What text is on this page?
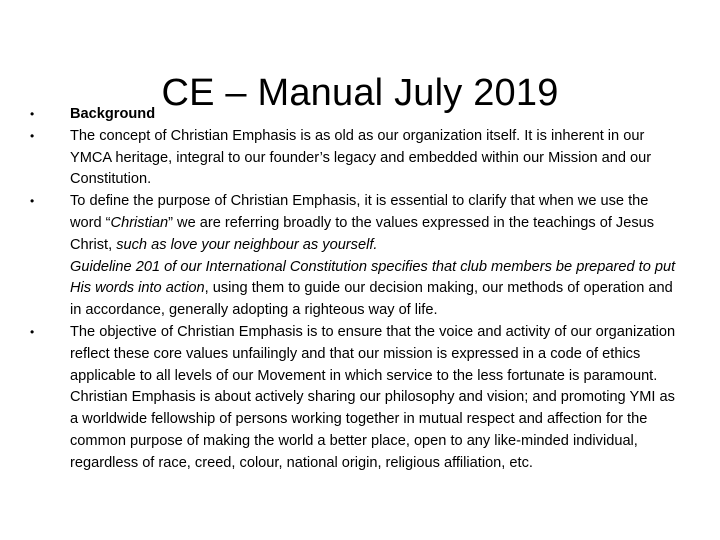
CE – Manual July 2019
•	Background
•	The concept of Christian Emphasis is as old as our organization itself. It is inherent in our YMCA heritage, integral to our founder’s legacy and embedded within our Mission and our Constitution.
•	To define the purpose of Christian Emphasis, it is essential to clarify that when we use the word “Christian” we are referring broadly to the values expressed in the teachings of Jesus Christ, such as love your neighbour as yourself.
Guideline 201 of our International Constitution specifies that club members be prepared to put His words into action, using them to guide our decision making, our methods of operation and in accordance, generally adopting a righteous way of life.
•	The objective of Christian Emphasis is to ensure that the voice and activity of our organization reflect these core values unfailingly and that our mission is expressed in a code of ethics applicable to all levels of our Movement in which service to the less fortunate is paramount. Christian Emphasis is about actively sharing our philosophy and vision; and promoting YMI as a worldwide fellowship of persons working together in mutual respect and affection for the common purpose of making the world a better place, open to any like-minded individual, regardless of race, creed, colour, national origin, religious affiliation, etc.
